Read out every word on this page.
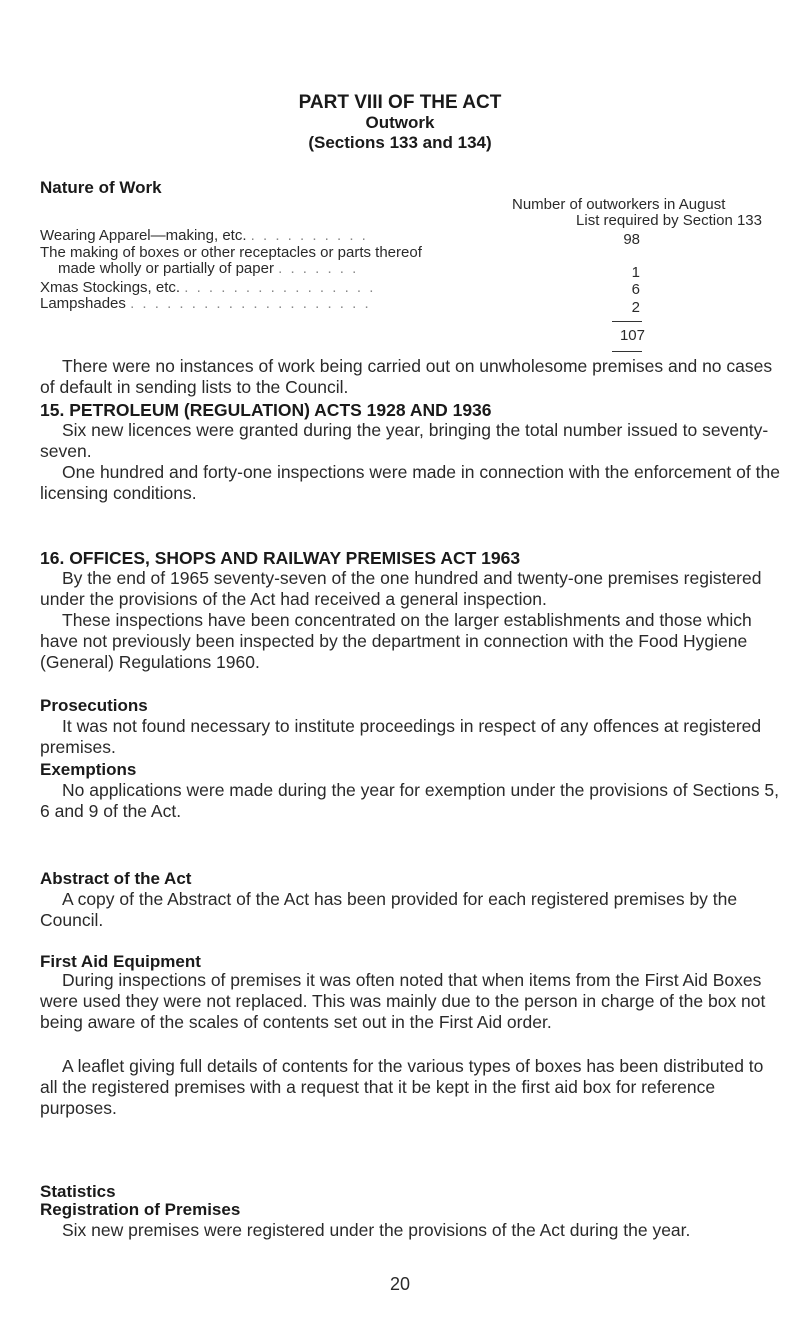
PART VIII OF THE ACT
Outwork
(Sections 133 and 134)
Nature of Work
Number of outworkers in August
List required by Section 133
Wearing Apparel—making, etc. . . . . . . . . . .	98
The making of boxes or other receptacles or parts thereof
made wholly or partially of paper . . . . . . .	1
Xmas Stockings, etc. . . . . . . . . . . . . . . . .	6
Lampshades . . . . . . . . . . . . . . . . . . . .	2
107
There were no instances of work being carried out on unwholesome premises and no cases of default in sending lists to the Council.
15. PETROLEUM (REGULATION) ACTS 1928 AND 1936
Six new licences were granted during the year, bringing the total number issued to seventy-seven.
One hundred and forty-one inspections were made in connection with the enforcement of the licensing conditions.
16. OFFICES, SHOPS AND RAILWAY PREMISES ACT 1963
By the end of 1965 seventy-seven of the one hundred and twenty-one premises registered under the provisions of the Act had received a general inspection.
These inspections have been concentrated on the larger establishments and those which have not previously been inspected by the department in connection with the Food Hygiene (General) Regulations 1960.
Prosecutions
It was not found necessary to institute proceedings in respect of any offences at registered premises.
Exemptions
No applications were made during the year for exemption under the provisions of Sections 5, 6 and 9 of the Act.
Abstract of the Act
A copy of the Abstract of the Act has been provided for each registered premises by the Council.
First Aid Equipment
During inspections of premises it was often noted that when items from the First Aid Boxes were used they were not replaced. This was mainly due to the person in charge of the box not being aware of the scales of contents set out in the First Aid order.
A leaflet giving full details of contents for the various types of boxes has been distributed to all the registered premises with a request that it be kept in the first aid box for reference purposes.
Statistics
Registration of Premises
Six new premises were registered under the provisions of the Act during the year.
20
